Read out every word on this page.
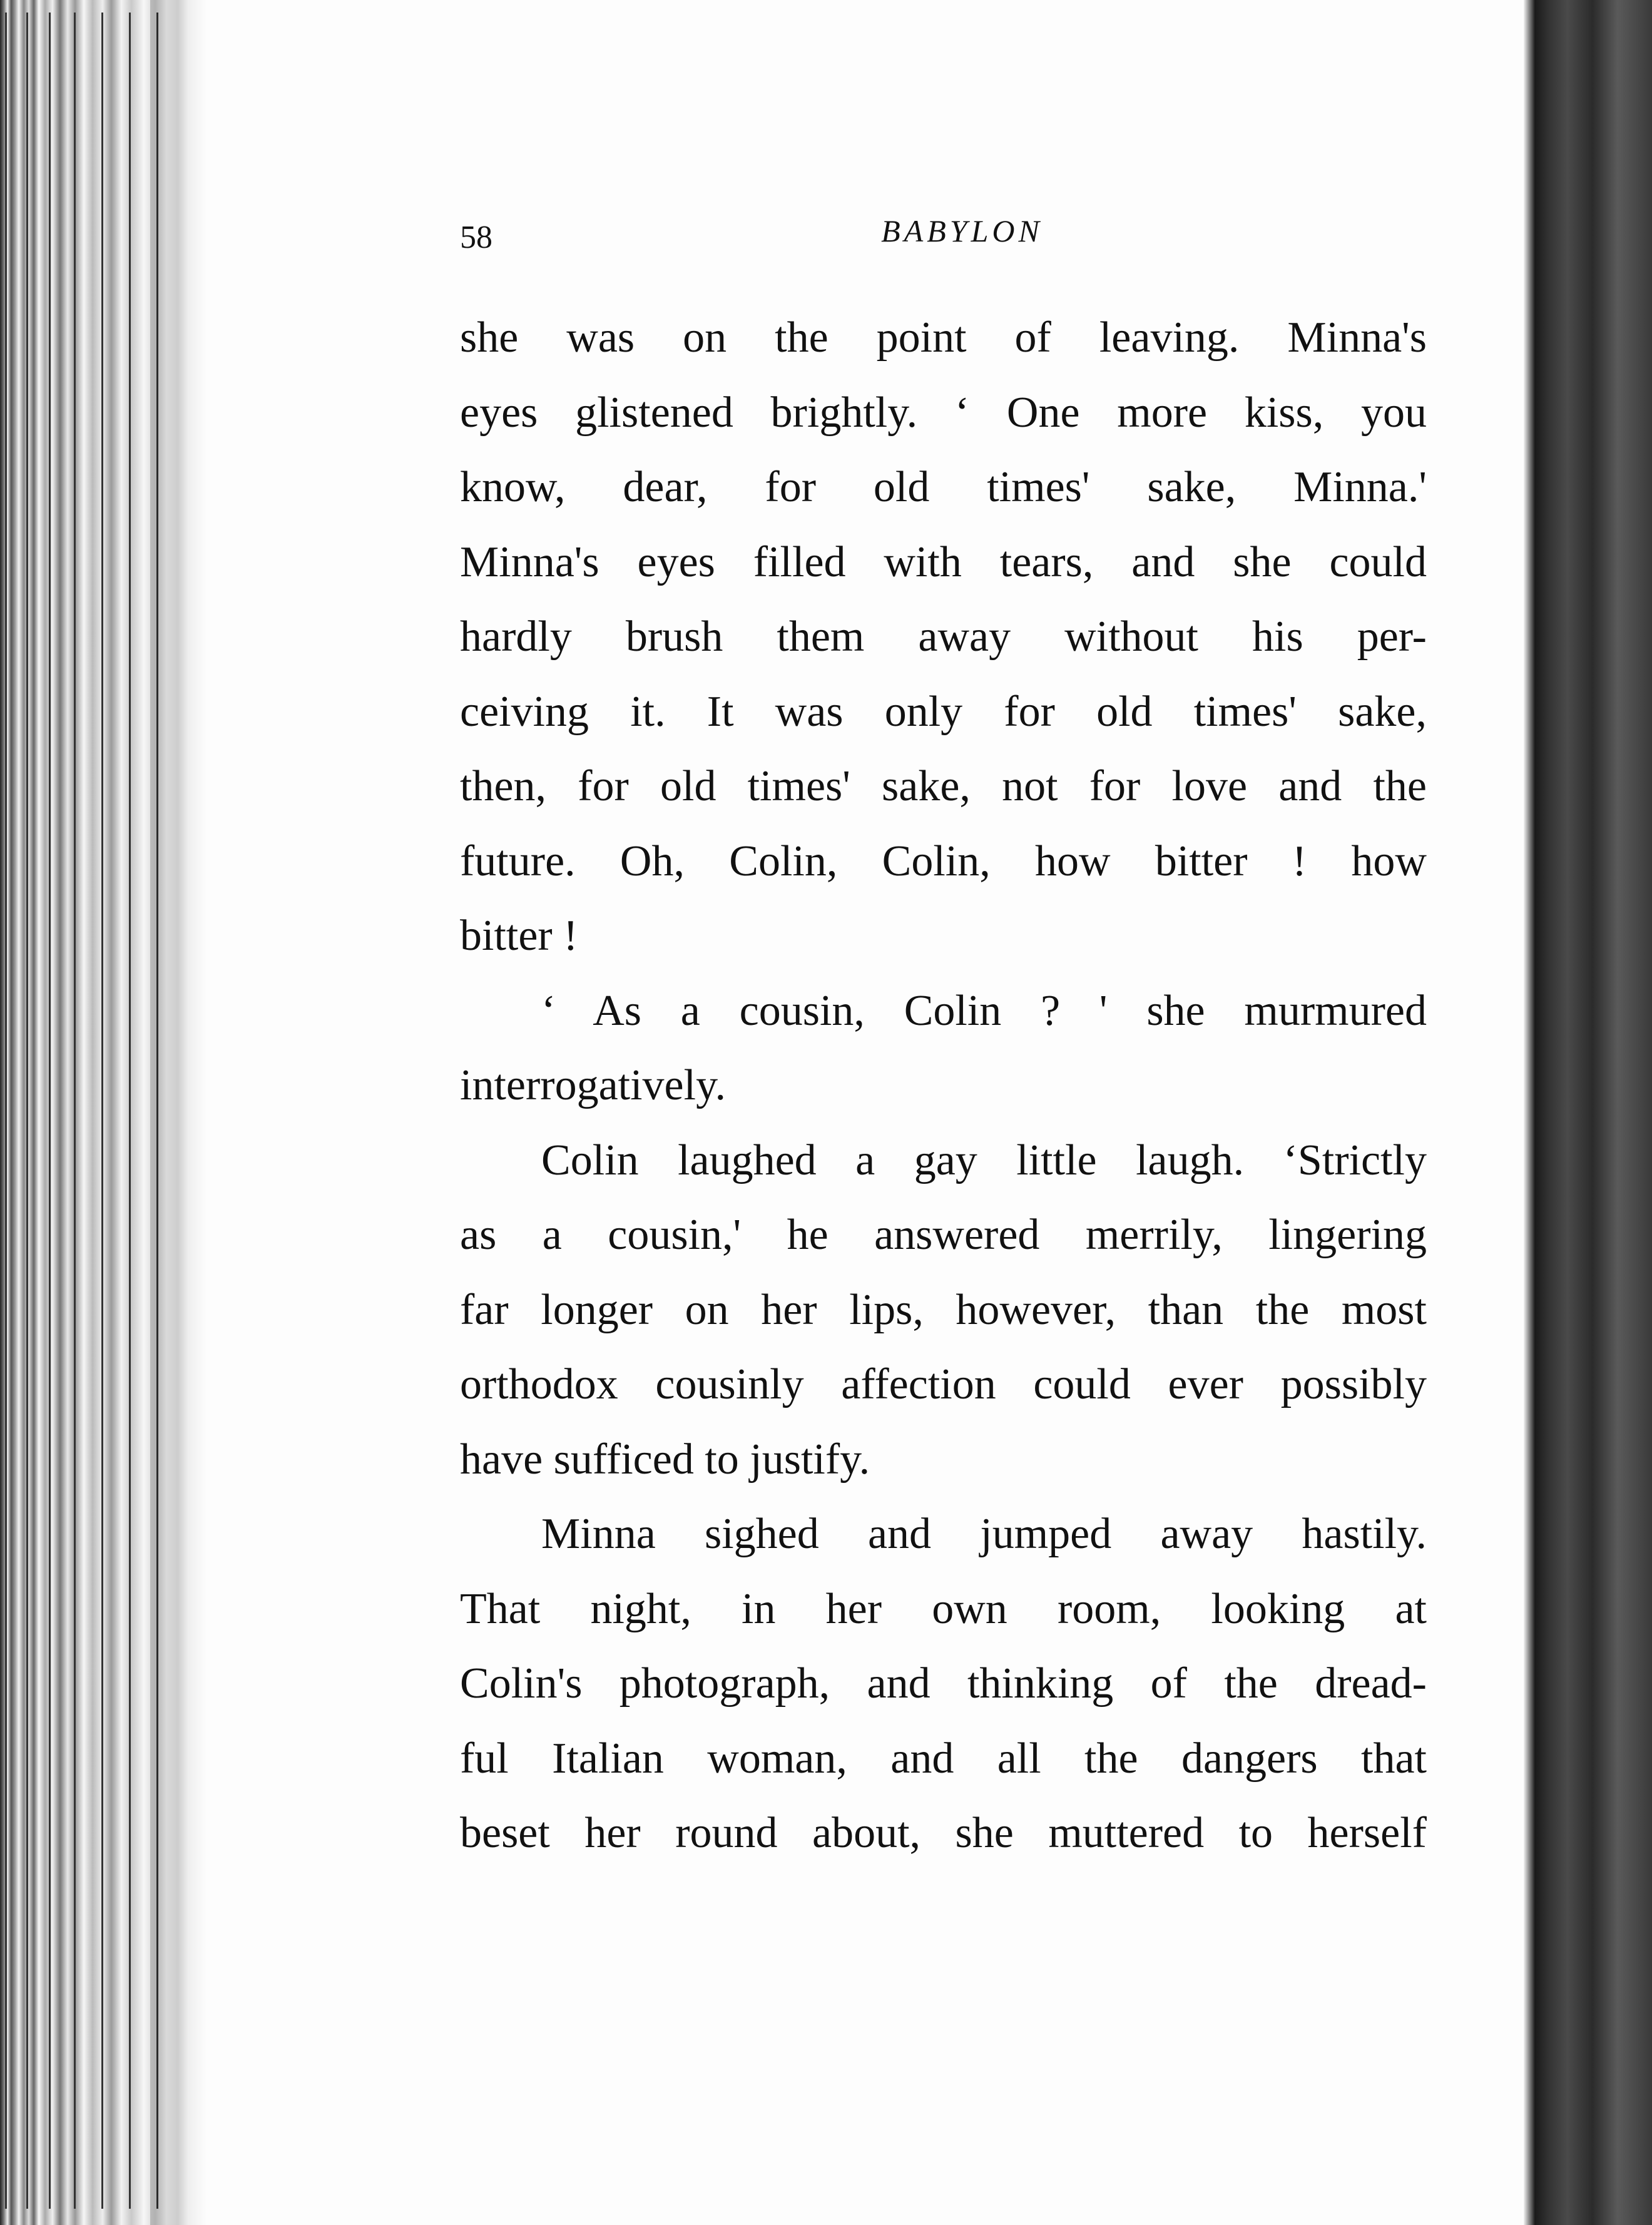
58	BABYLON
she was on the point of leaving. Minna's
eyes glistened brightly. ‘ One more kiss, you
know, dear, for old times' sake, Minna.'
Minna's eyes filled with tears, and she could
hardly brush them away without his per-
ceiving it. It was only for old times' sake,
then, for old times' sake, not for love and the
future. Oh, Colin, Colin, how bitter ! how
bitter !
‘ As a cousin, Colin ? ' she murmured
interrogatively.
Colin laughed a gay little laugh. ‘Strictly
as a cousin,' he answered merrily, lingering
far longer on her lips, however, than the most
orthodox cousinly affection could ever possibly
have sufficed to justify.
Minna sighed and jumped away hastily.
That night, in her own room, looking at
Colin's photograph, and thinking of the dread-
ful Italian woman, and all the dangers that
beset her round about, she muttered to herself
